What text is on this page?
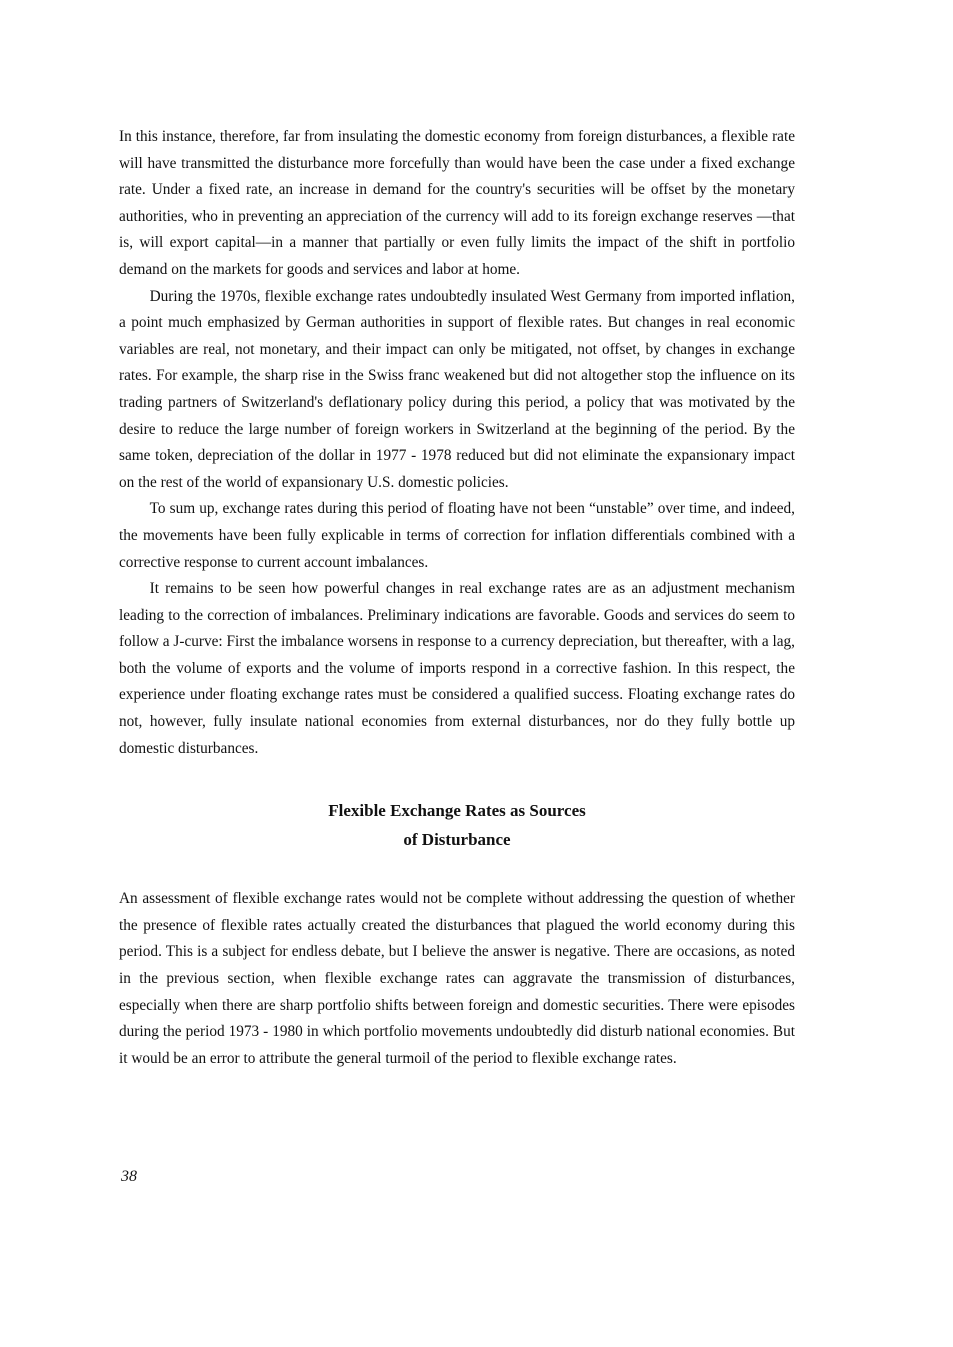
In this instance, therefore, far from insulating the domestic economy from foreign disturbances, a flexible rate will have transmitted the disturbance more forcefully than would have been the case under a fixed exchange rate. Under a fixed rate, an increase in demand for the country's securities will be offset by the monetary authorities, who in preventing an appreciation of the currency will add to its foreign exchange reserves —that is, will export capital—in a manner that partially or even fully limits the impact of the shift in portfolio demand on the markets for goods and services and labor at home.

During the 1970s, flexible exchange rates undoubtedly insulated West Germany from imported inflation, a point much emphasized by German authorities in support of flexible rates. But changes in real economic variables are real, not monetary, and their impact can only be mitigated, not offset, by changes in exchange rates. For example, the sharp rise in the Swiss franc weakened but did not altogether stop the influence on its trading partners of Switzerland's deflationary policy during this period, a policy that was motivated by the desire to reduce the large number of foreign workers in Switzerland at the beginning of the period. By the same token, depreciation of the dollar in 1977 - 1978 reduced but did not eliminate the expansionary impact on the rest of the world of expansionary U.S. domestic policies.

To sum up, exchange rates during this period of floating have not been “unstable” over time, and indeed, the movements have been fully explicable in terms of correction for inflation differentials combined with a corrective response to current account imbalances.

It remains to be seen how powerful changes in real exchange rates are as an adjustment mechanism leading to the correction of imbalances. Preliminary indications are favorable. Goods and services do seem to follow a J-curve: First the imbalance worsens in response to a currency depreciation, but thereafter, with a lag, both the volume of exports and the volume of imports respond in a corrective fashion. In this respect, the experience under floating exchange rates must be considered a qualified success. Floating exchange rates do not, however, fully insulate national economies from external disturbances, nor do they fully bottle up domestic disturbances.

Flexible Exchange Rates as Sources
of Disturbance

An assessment of flexible exchange rates would not be complete without addressing the question of whether the presence of flexible rates actually created the disturbances that plagued the world economy during this period. This is a subject for endless debate, but I believe the answer is negative. There are occasions, as noted in the previous section, when flexible exchange rates can aggravate the transmission of disturbances, especially when there are sharp portfolio shifts between foreign and domestic securities. There were episodes during the period 1973 - 1980 in which portfolio movements undoubtedly did disturb national economies. But it would be an error to attribute the general turmoil of the period to flexible exchange rates.

38
